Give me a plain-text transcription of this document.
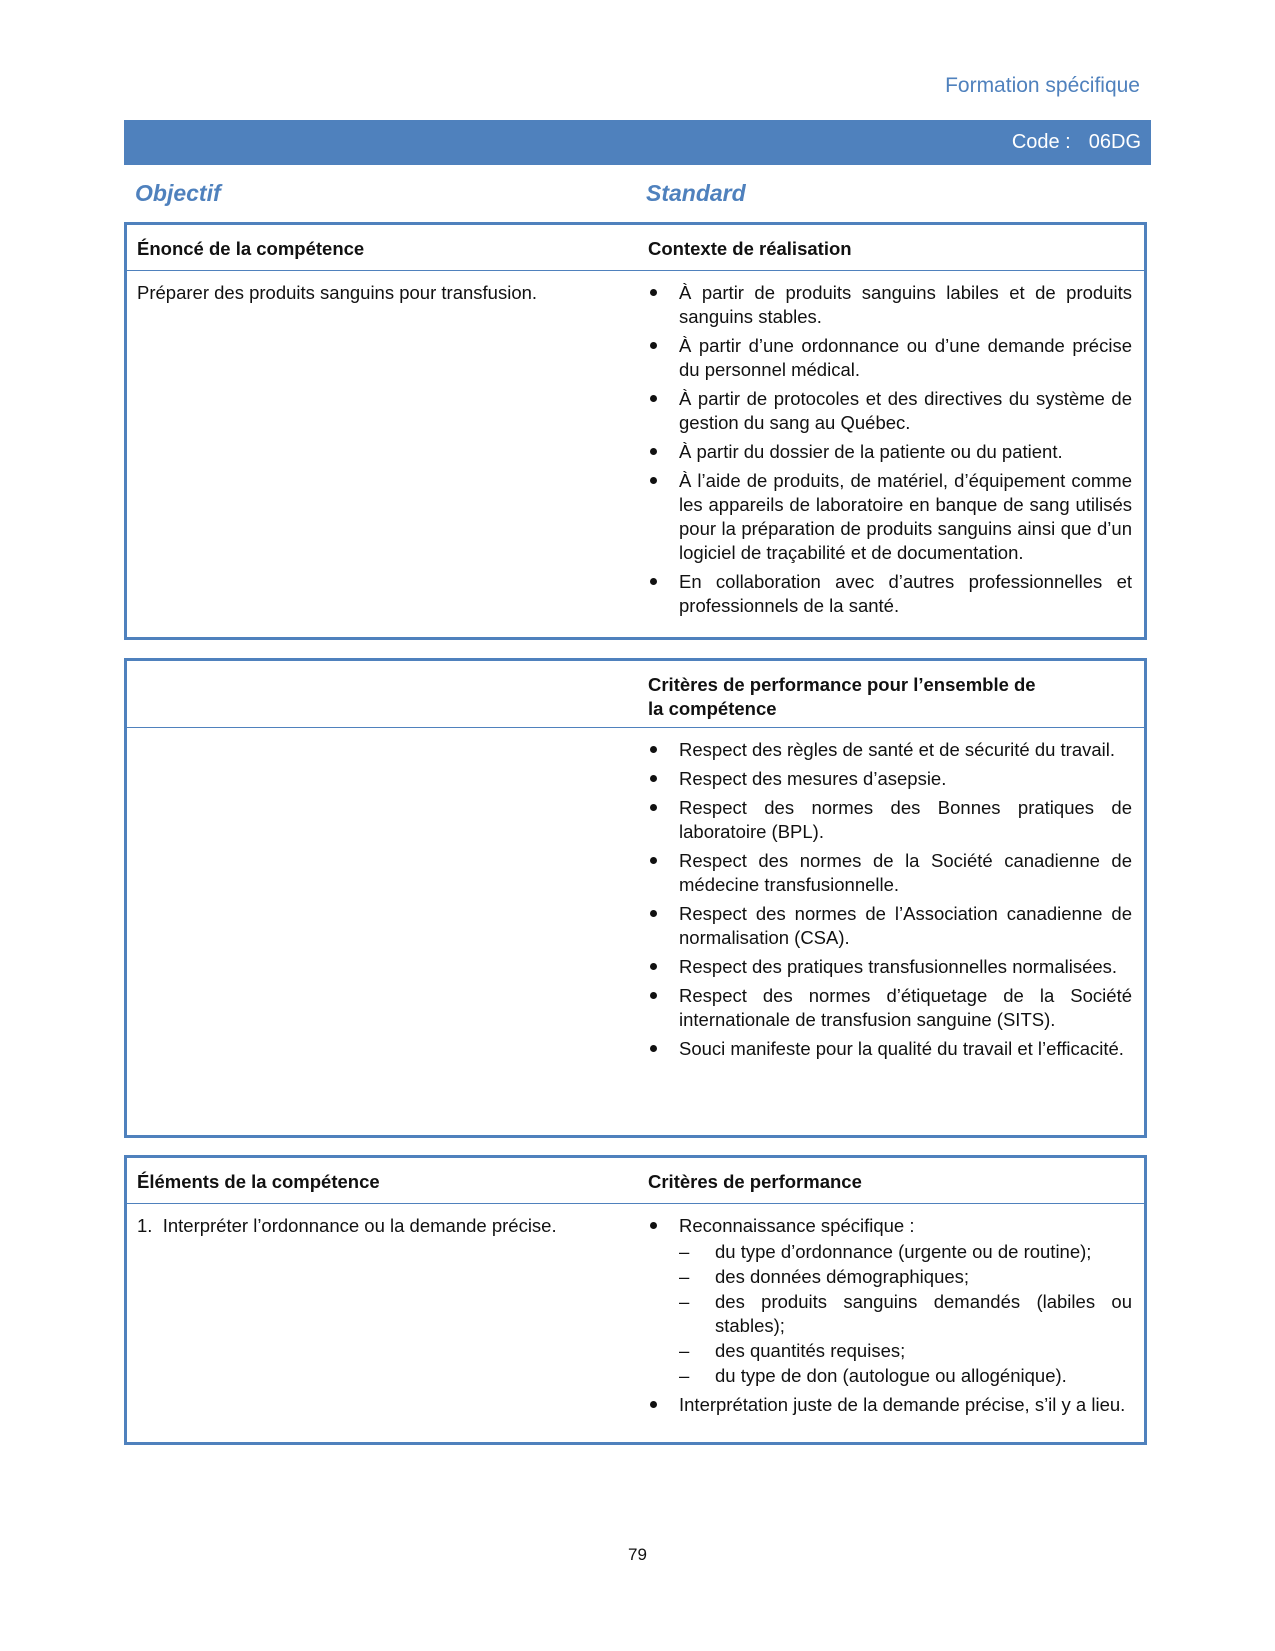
Formation spécifique
Code : 06DG
Objectif	Standard
Énoncé de la compétence	Contexte de réalisation
Préparer des produits sanguins pour transfusion.	À partir de produits sanguins labiles et de produits sanguins stables.
À partir d’une ordonnance ou d’une demande précise du personnel médical.
À partir de protocoles et des directives du système de gestion du sang au Québec.
À partir du dossier de la patiente ou du patient.
À l’aide de produits, de matériel, d’équipement comme les appareils de laboratoire en banque de sang utilisés pour la préparation de produits sanguins ainsi que d’un logiciel de traçabilité et de documentation.
En collaboration avec d’autres professionnelles et professionnels de la santé.
Critères de performance pour l’ensemble de la compétence
Respect des règles de santé et de sécurité du travail.
Respect des mesures d’asepsie.
Respect des normes des Bonnes pratiques de laboratoire (BPL).
Respect des normes de la Société canadienne de médecine transfusionnelle.
Respect des normes de l’Association canadienne de normalisation (CSA).
Respect des pratiques transfusionnelles normalisées.
Respect des normes d’étiquetage de la Société internationale de transfusion sanguine (SITS).
Souci manifeste pour la qualité du travail et l’efficacité.
Éléments de la compétence	Critères de performance
1. Interpréter l’ordonnance ou la demande précise.	Reconnaissance spécifique :
– du type d’ordonnance (urgente ou de routine);
– des données démographiques;
– des produits sanguins demandés (labiles ou stables);
– des quantités requises;
– du type de don (autologue ou allogénique).
Interprétation juste de la demande précise, s’il y a lieu.
79
